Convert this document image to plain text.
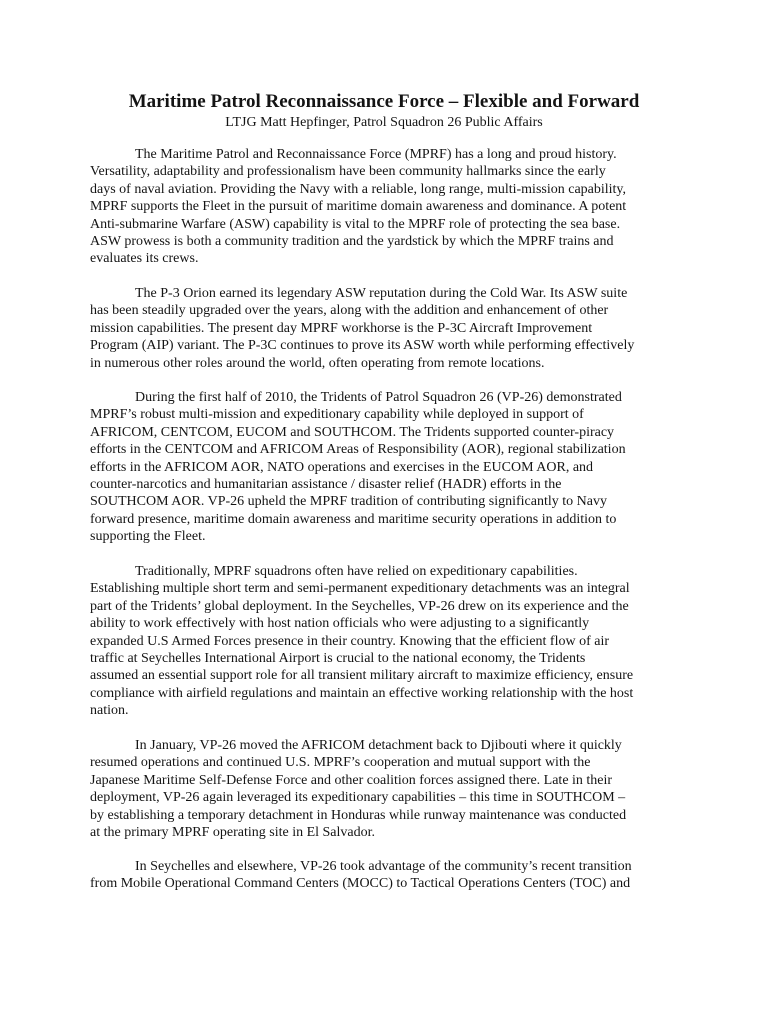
Maritime Patrol Reconnaissance Force – Flexible and Forward

LTJG Matt Hepfinger, Patrol Squadron 26 Public Affairs

The Maritime Patrol and Reconnaissance Force (MPRF) has a long and proud history.
Versatility, adaptability and professionalism have been community hallmarks since the early
days of naval aviation. Providing the Navy with a reliable, long range, multi-mission capability,
MPRF supports the Fleet in the pursuit of maritime domain awareness and dominance. A potent
Anti-submarine Warfare (ASW) capability is vital to the MPRF role of protecting the sea base.
ASW prowess is both a community tradition and the yardstick by which the MPRF trains and
evaluates its crews.

The P-3 Orion earned its legendary ASW reputation during the Cold War. Its ASW suite
has been steadily upgraded over the years, along with the addition and enhancement of other
mission capabilities. The present day MPRF workhorse is the P-3C Aircraft Improvement
Program (AIP) variant. The P-3C continues to prove its ASW worth while performing effectively
in numerous other roles around the world, often operating from remote locations.

During the first half of 2010, the Tridents of Patrol Squadron 26 (VP-26) demonstrated
MPRF’s robust multi-mission and expeditionary capability while deployed in support of
AFRICOM, CENTCOM, EUCOM and SOUTHCOM. The Tridents supported counter-piracy
efforts in the CENTCOM and AFRICOM Areas of Responsibility (AOR), regional stabilization
efforts in the AFRICOM AOR, NATO operations and exercises in the EUCOM AOR, and
counter-narcotics and humanitarian assistance / disaster relief (HADR) efforts in the
SOUTHCOM AOR. VP-26 upheld the MPRF tradition of contributing significantly to Navy
forward presence, maritime domain awareness and maritime security operations in addition to
supporting the Fleet.

Traditionally, MPRF squadrons often have relied on expeditionary capabilities.
Establishing multiple short term and semi-permanent expeditionary detachments was an integral
part of the Tridents’ global deployment. In the Seychelles, VP-26 drew on its experience and the
ability to work effectively with host nation officials who were adjusting to a significantly
expanded U.S Armed Forces presence in their country. Knowing that the efficient flow of air
traffic at Seychelles International Airport is crucial to the national economy, the Tridents
assumed an essential support role for all transient military aircraft to maximize efficiency, ensure
compliance with airfield regulations and maintain an effective working relationship with the host
nation.

In January, VP-26 moved the AFRICOM detachment back to Djibouti where it quickly
resumed operations and continued U.S. MPRF’s cooperation and mutual support with the
Japanese Maritime Self-Defense Force and other coalition forces assigned there. Late in their
deployment, VP-26 again leveraged its expeditionary capabilities – this time in SOUTHCOM –
by establishing a temporary detachment in Honduras while runway maintenance was conducted
at the primary MPRF operating site in El Salvador.

In Seychelles and elsewhere, VP-26 took advantage of the community’s recent transition
from Mobile Operational Command Centers (MOCC) to Tactical Operations Centers (TOC) and
